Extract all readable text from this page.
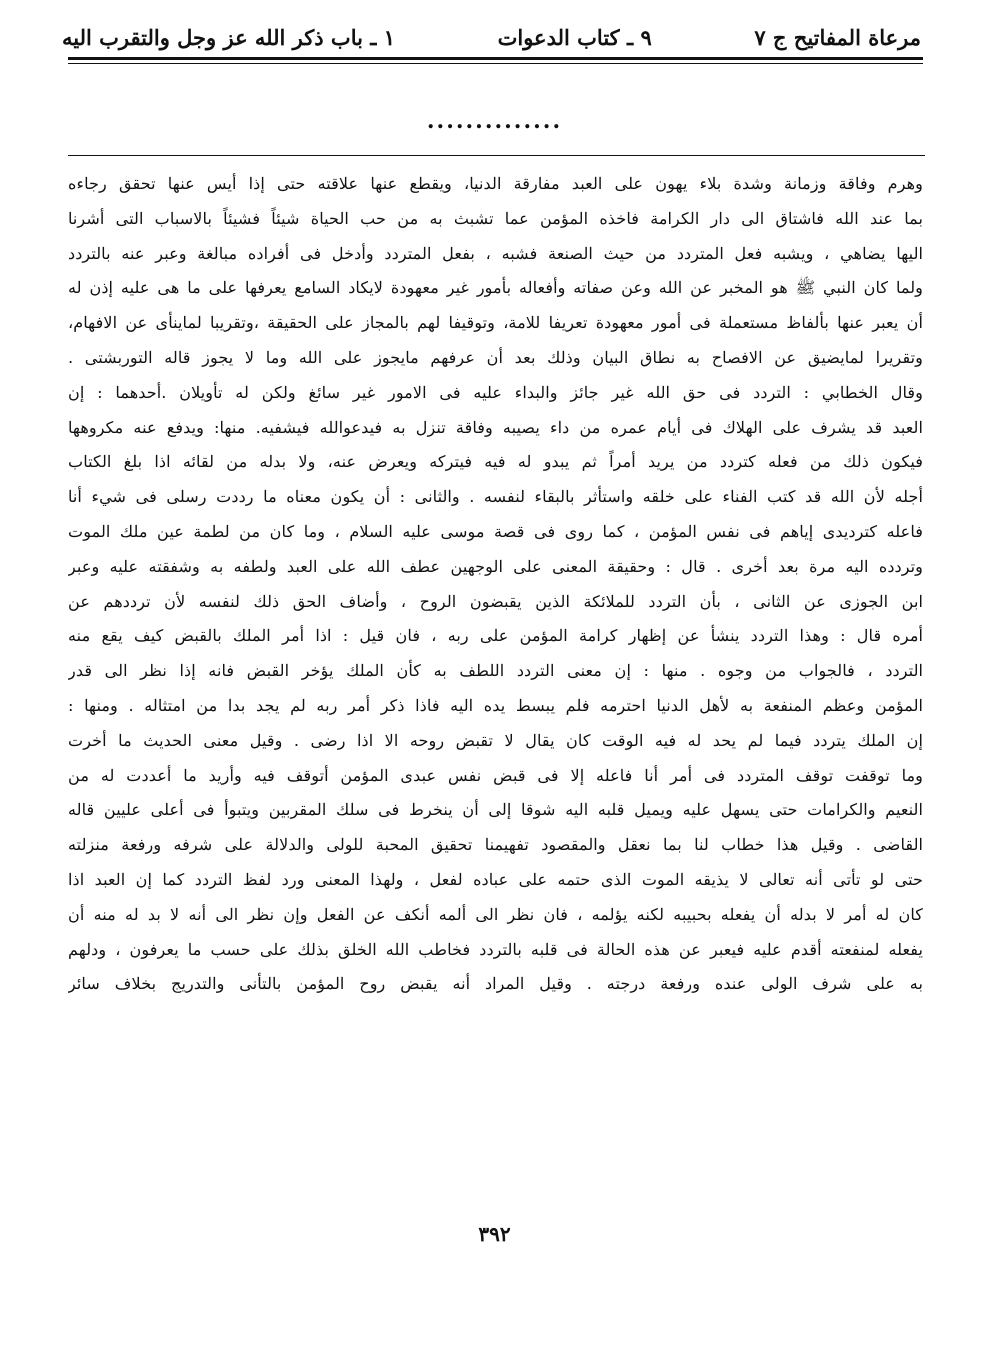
مرعاة المفاتيح ج ٧
٩ ـ كتاب الدعوات
١ ـ باب ذكر الله عز وجل والتقرب اليه
..............
وهرم وفاقة وزمانة وشدة بلاء يهون على العبد مفارقة الدنيا، ويقطع عنها علاقته حتى إذا أيس عنها تحقق رجاءه
بما عند الله فاشتاق الى دار الكرامة فاخذه المؤمن عما تشبث به من حب الحياة شيئاً فشيئاً بالاسباب التى أشرنا
اليها يضاهي ، ويشبه فعل المتردد من حيث الصنعة فشبه ، بفعل المتردد وأدخل فى أفراده مبالغة وعبر عنه بالتردد
ولما كان النبي ﷺ هو المخبر عن الله وعن صفاته وأفعاله بأمور غير معهودة لايكاد السامع يعرفها على ما هى عليه إذن له
أن يعبر عنها بألفاظ مستعملة فى أمور معهودة تعريفا للامة، وتوقيفا لهم بالمجاز على الحقيقة ،وتقريبا لماينأى عن الافهام،
وتقريرا لمايضيق عن الافصاح به نطاق البيان وذلك بعد أن عرفهم مايجوز على الله وما لا يجوز قاله التوربشتى .
وقال الخطابي : التردد فى حق الله غير جائز والبداء عليه فى الامور غير سائغ ولكن له تأويلان .أحدهما : إن
العبد قد يشرف على الهلاك فى أيام عمره من داء يصيبه وفاقة تنزل به فيدعوالله فيشفيه. منها: ويدفع عنه مكروهها
فيكون ذلك من فعله كتردد من يريد أمراً ثم يبدو له فيه فيتركه ويعرض عنه، ولا بدله من لقائه اذا بلغ الكتاب
أجله لأن الله قد كتب الفناء على خلقه واستأثر بالبقاء لنفسه . والثانى : أن يكون معناه ما رددت رسلى فى شيء أنا
فاعله كترديدى إياهم فى نفس المؤمن ، كما روى فى قصة موسى عليه السلام ، وما كان من لطمة عين ملك الموت
وتردده اليه مرة بعد أخرى . قال : وحقيقة المعنى على الوجهين عطف الله على العبد ولطفه به وشفقته عليه وعبر
ابن الجوزى عن الثانى ، بأن التردد للملائكة الذين يقبضون الروح ، وأضاف الحق ذلك لنفسه لأن ترددهم عن
أمره قال : وهذا التردد ينشأ عن إظهار كرامة المؤمن على ربه ، فان قيل : اذا أمر الملك بالقبض كيف يقع منه
التردد ، فالجواب من وجوه . منها : إن معنى التردد اللطف به كأن الملك يؤخر القبض فانه إذا نظر الى قدر
المؤمن وعظم المنفعة به لأهل الدنيا احترمه فلم يبسط يده اليه فاذا ذكر أمر ربه لم يجد بدا من امتثاله . ومنها :
إن الملك يتردد فيما لم يحد له فيه الوقت كان يقال لا تقبض روحه الا اذا رضى . وقيل معنى الحديث ما أخرت
وما توقفت توقف المتردد فى أمر أنا فاعله إلا فى قبض نفس عبدى المؤمن أتوقف فيه وأريد ما أعددت له من
النعيم والكرامات حتى يسهل عليه ويميل قلبه اليه شوقا إلى أن ينخرط فى سلك المقربين ويتبوأ فى أعلى عليين قاله
القاضى . وقيل هذا خطاب لنا بما نعقل والمقصود تفهيمنا تحقيق المحبة للولى والدلالة على شرفه ورفعة منزلته
حتى لو تأتى أنه تعالى لا يذيقه الموت الذى حتمه على عباده لفعل ، ولهذا المعنى ورد لفظ التردد كما إن العبد اذا
كان له أمر لا بدله أن يفعله بحبيبه لكنه يؤلمه ، فان نظر الى ألمه أنكف عن الفعل وإن نظر الى أنه لا بد له منه أن
يفعله لمنفعته أقدم عليه فيعبر عن هذه الحالة فى قلبه بالتردد فخاطب الله الخلق بذلك على حسب ما يعرفون ، ودلهم
به على شرف الولى عنده ورفعة درجته . وقيل المراد أنه يقبض روح المؤمن بالتأنى والتدريج بخلاف سائر
٣٩٢
